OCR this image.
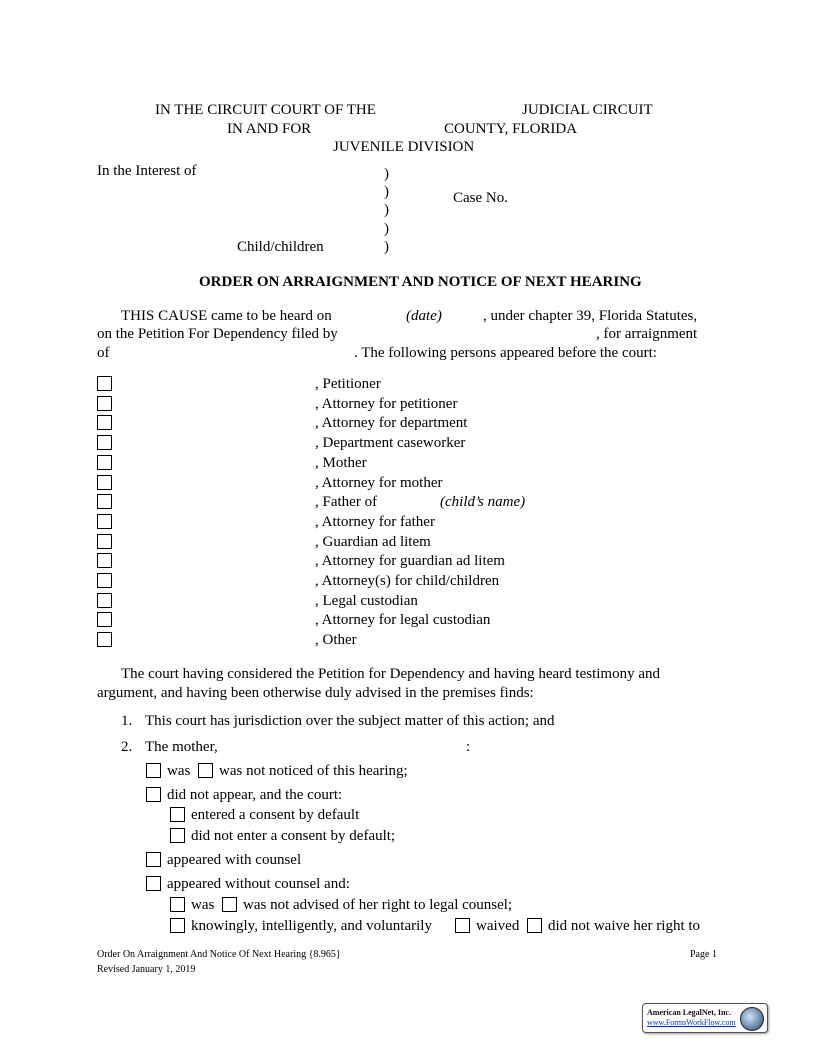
IN THE CIRCUIT COURT OF THE	JUDICIAL CIRCUIT
IN AND FOR	COUNTY, FLORIDA
JUVENILE DIVISION
In the Interest of	)
)
)
)
)
Case No.
Child/children
ORDER ON ARRAIGNMENT AND NOTICE OF NEXT HEARING
THIS CAUSE came to be heard on	(date)	, under chapter 39, Florida Statutes,
on the Petition For Dependency filed by	, for arraignment
of	. The following persons appeared before the court:
, Petitioner
, Attorney for petitioner
, Attorney for department
, Department caseworker
, Mother
, Attorney for mother
, Father of
, Attorney for father
, Guardian ad litem
, Attorney for guardian ad litem
, Attorney(s) for child/children
, Legal custodian
, Attorney for legal custodian
, Other
(child’s name)
The court having considered the Petition for Dependency and having heard testimony and
argument, and having been otherwise duly advised in the premises finds:
1. This court has jurisdiction over the subject matter of this action; and
2. The mother,	:
was was not noticed of this hearing;
did not appear, and the court:
entered a consent by default
did not enter a consent by default;
appeared with counsel
appeared without counsel and:
was was not advised of her right to legal counsel;
knowingly, intelligently, and voluntarily	waived did not waive her right to
Order On Arraignment And Notice Of Next Hearing {8.965}	Page 1
Revised January 1, 2019
American LegalNet, Inc.
www.FormsWorkFlow.com
